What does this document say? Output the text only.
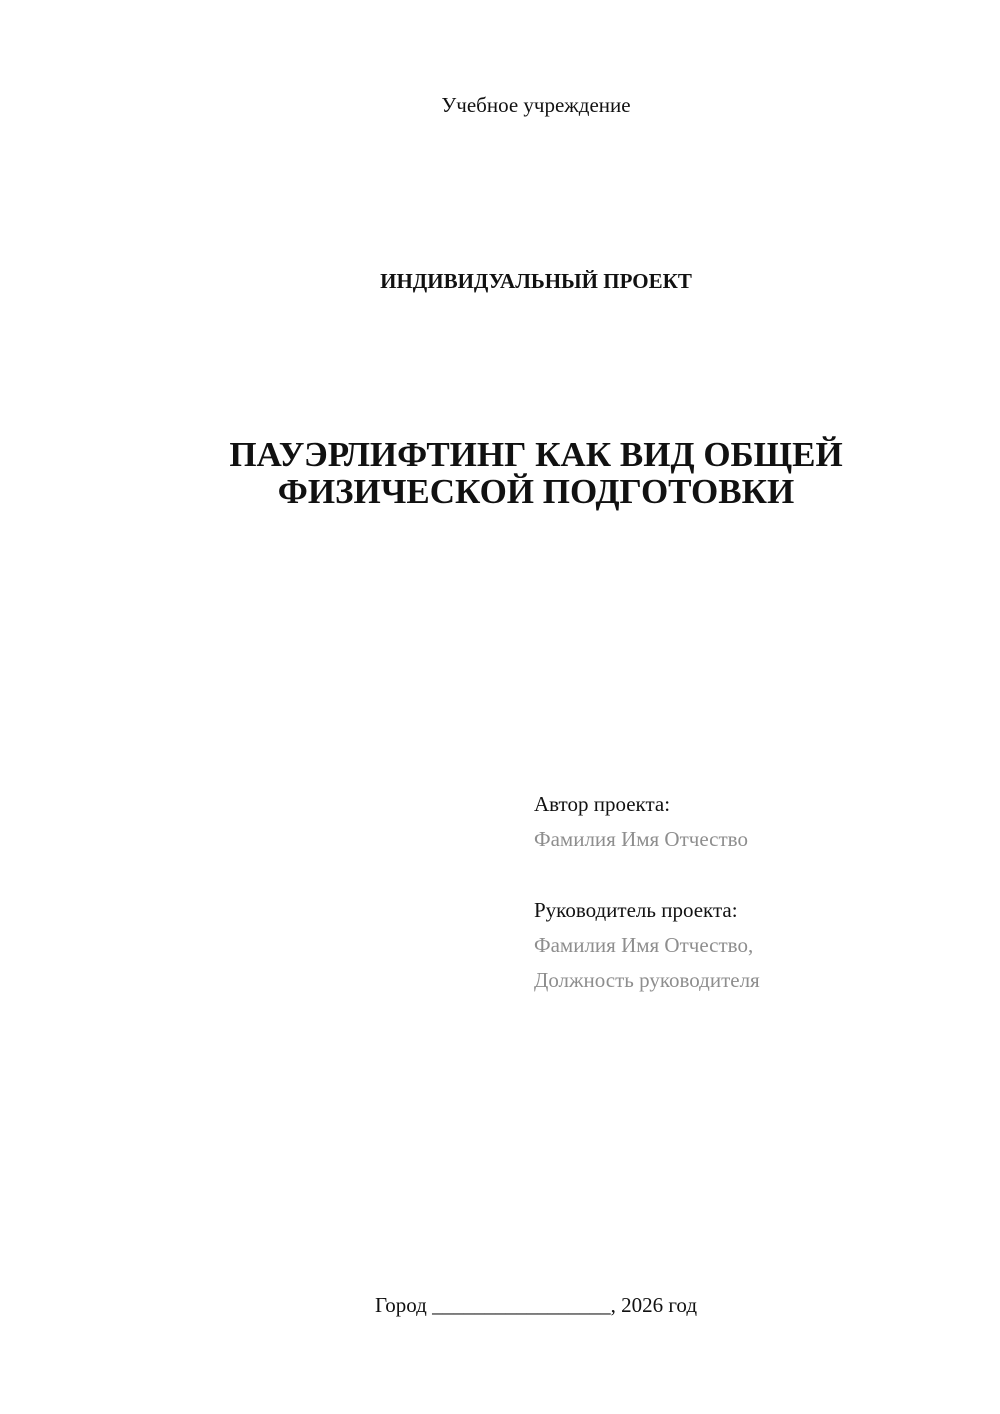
Учебное учреждение

ИНДИВИДУАЛЬНЫЙ ПРОЕКТ

ПАУЭРЛИФТИНГ КАК ВИД ОБЩЕЙ
ФИЗИЧЕСКОЙ ПОДГОТОВКИ
Автор проекта:
Фамилия Имя Отчество
Руководитель проекта:
Фамилия Имя Отчество,
Должность руководителя

Город _________________, 2026 год
